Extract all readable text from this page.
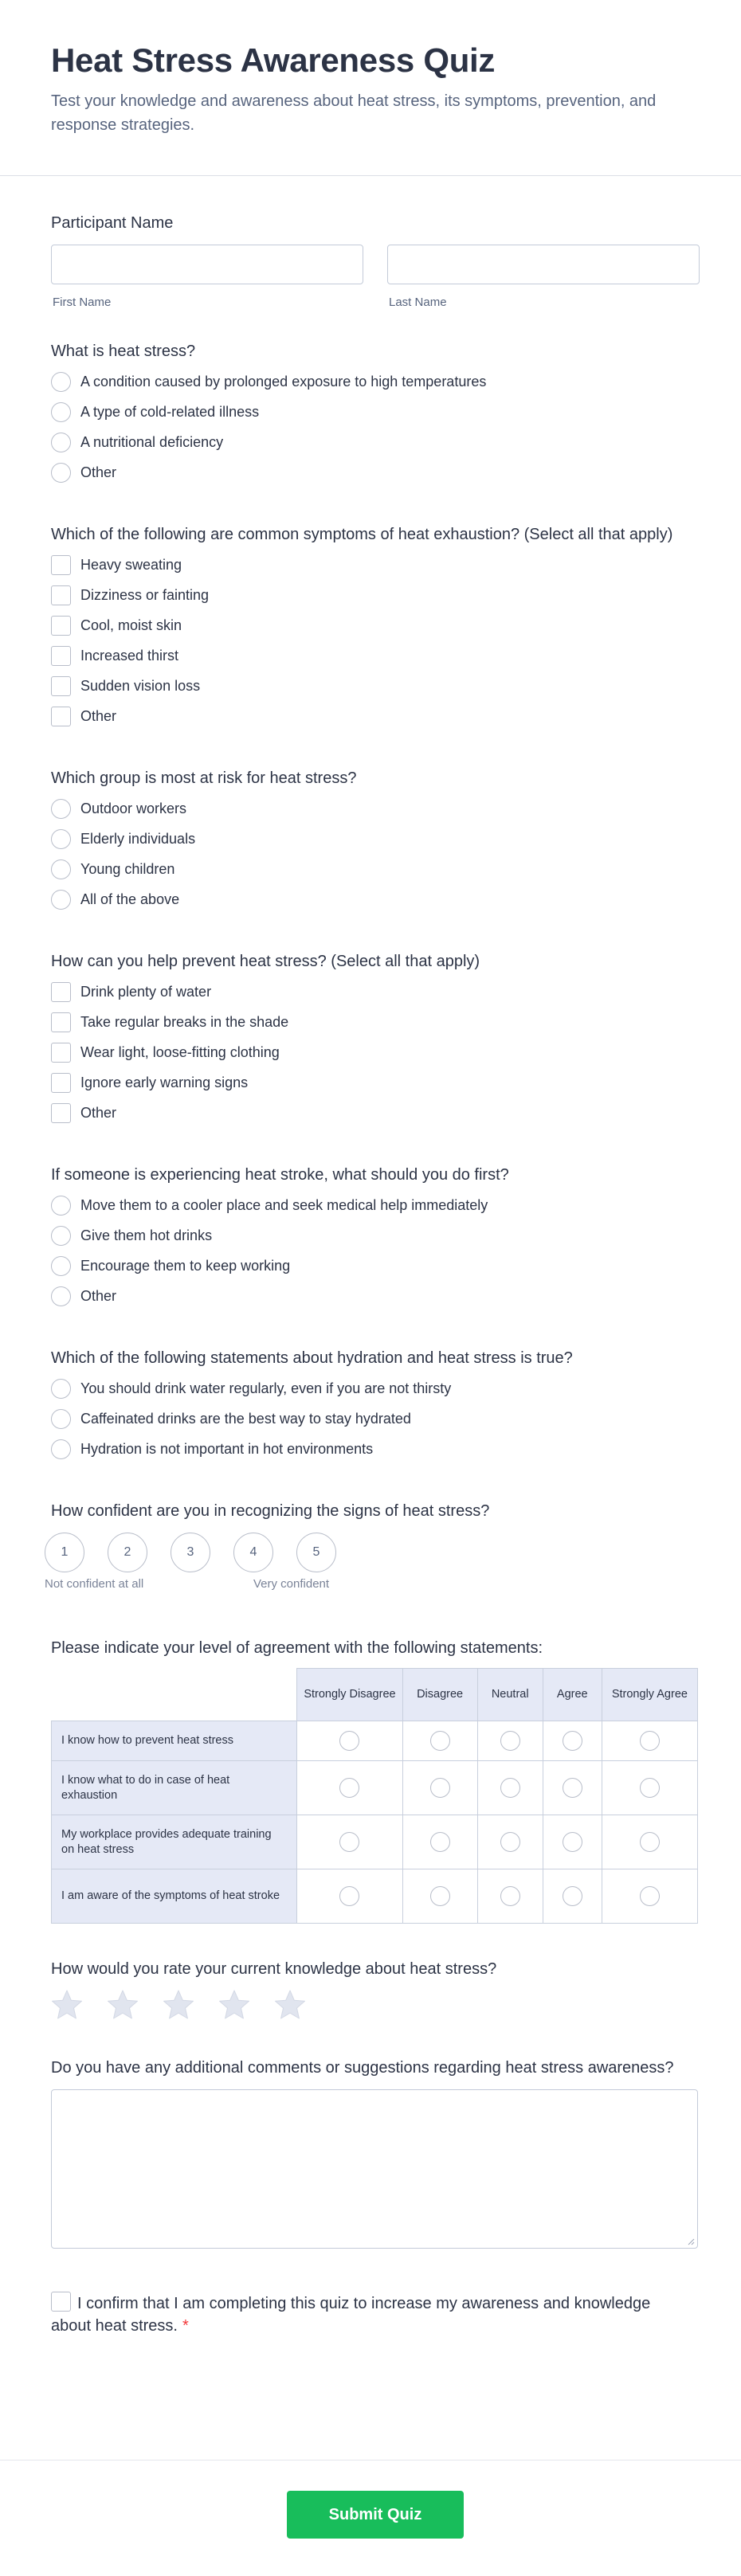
Heat Stress Awareness Quiz

Test your knowledge and awareness about heat stress, its symptoms, prevention, and response strategies.

Participant Name
First Name	Last Name
What is heat stress?
A condition caused by prolonged exposure to high temperatures
A type of cold-related illness
A nutritional deficiency
Other
Which of the following are common symptoms of heat exhaustion? (Select all that apply)
Heavy sweating
Dizziness or fainting
Cool, moist skin
Increased thirst
Sudden vision loss
Other
Which group is most at risk for heat stress?
Outdoor workers
Elderly individuals
Young children
All of the above
How can you help prevent heat stress? (Select all that apply)
Drink plenty of water
Take regular breaks in the shade
Wear light, loose-fitting clothing
Ignore early warning signs
Other
If someone is experiencing heat stroke, what should you do first?
Move them to a cooler place and seek medical help immediately
Give them hot drinks
Encourage them to keep working
Other
Which of the following statements about hydration and heat stress is true?
You should drink water regularly, even if you are not thirsty
Caffeinated drinks are the best way to stay hydrated
Hydration is not important in hot environments
How confident are you in recognizing the signs of heat stress?
1	2	3	4	5
Not confident at all	Very confident
Please indicate your level of agreement with the following statements:
	Strongly Disagree	Disagree	Neutral	Agree	Strongly Agree
I know how to prevent heat stress	

I know what to do in case of heat exhaustion	

My workplace provides adequate training on heat stress	

I am aware of the symptoms of heat stroke	

How would you rate your current knowledge about heat stress?
Do you have any additional comments or suggestions regarding heat stress awareness?
I confirm that I am completing this quiz to increase my awareness and knowledge about heat stress. *
Submit Quiz
